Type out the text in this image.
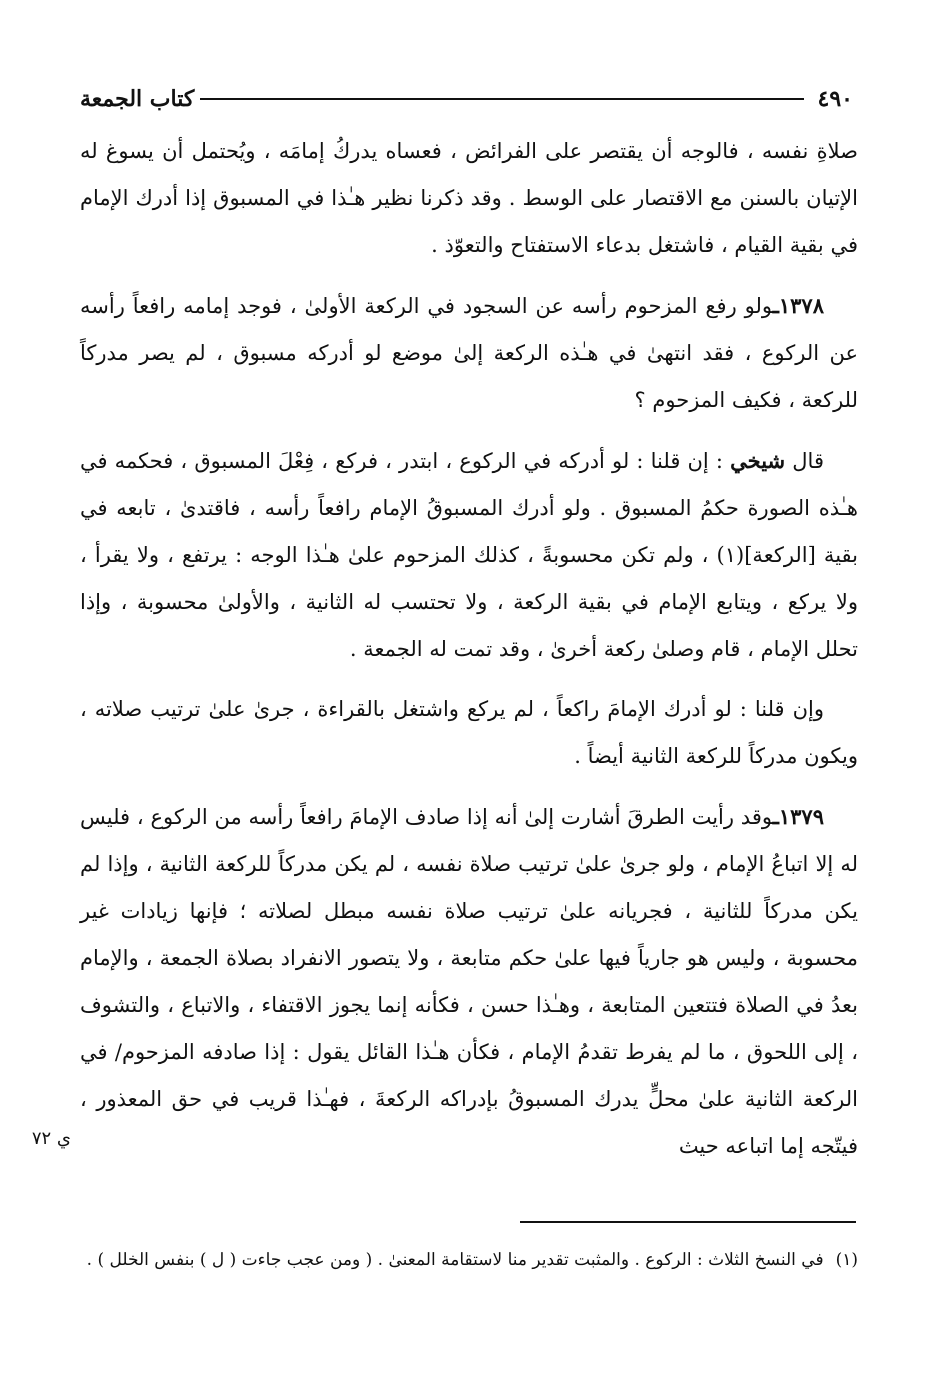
٤٩٠
كتاب الجمعة

صلاةِ نفسه ، فالوجه أن يقتصر على الفرائض ، فعساه يدركُ إمامَه ، ويُحتمل أن يسوغ له الإتيان بالسنن مع الاقتصار على الوسط . وقد ذكرنا نظير هـٰذا في المسبوق إذا أدرك الإمام في بقية القيام ، فاشتغل بدعاء الاستفتاح والتعوّذ .

١٣٧٨ـولو رفع المزحوم رأسه عن السجود في الركعة الأولىٰ ، فوجد إمامه رافعاً رأسه عن الركوع ، فقد انتهىٰ في هـٰذه الركعة إلىٰ موضع لو أدركه مسبوق ، لم يصر مدركاً للركعة ، فكيف المزحوم ؟

قال شيخي : إن قلنا : لو أدركه في الركوع ، ابتدر ، فركع ، فِعْلَ المسبوق ، فحكمه في هـٰذه الصورة حكمُ المسبوق . ولو أدرك المسبوقُ الإمام رافعاً رأسه ، فاقتدىٰ ، تابعه في بقية [الركعة](١) ، ولم تكن محسوبةً ، كذلك المزحوم علىٰ هـٰذا الوجه : يرتفع ، ولا يقرأ ، ولا يركع ، ويتابع الإمام في بقية الركعة ، ولا تحتسب له الثانية ، والأولىٰ محسوبة ، وإذا تحلل الإمام ، قام وصلىٰ ركعة أخرىٰ ، وقد تمت له الجمعة .

وإن قلنا : لو أدرك الإمامَ راكعاً ، لم يركع واشتغل بالقراءة ، جرىٰ علىٰ ترتيب صلاته ، ويكون مدركاً للركعة الثانية أيضاً .

١٣٧٩ـوقد رأيت الطرقَ أشارت إلىٰ أنه إذا صادف الإمامَ رافعاً رأسه من الركوع ، فليس له إلا اتباعُ الإمام ، ولو جرىٰ علىٰ ترتيب صلاة نفسه ، لم يكن مدركاً للركعة الثانية ، وإذا لم يكن مدركاً للثانية ، فجريانه علىٰ ترتيب صلاة نفسه مبطل لصلاته ؛ فإنها زيادات غير محسوبة ، وليس هو جارياً فيها علىٰ حكم متابعة ، ولا يتصور الانفراد بصلاة الجمعة ، والإمام بعدُ في الصلاة فتتعين المتابعة ، وهـٰذا حسن ، فكأنه إنما يجوز الاقتفاء ، والاتباع ، والتشوف ، إلى اللحوق ، ما لم يفرط تقدمُ الإمام ، فكأن هـٰذا القائل يقول : إذا صادفه المزحوم/ في الركعة الثانية علىٰ محلٍّ يدرك المسبوقُ بإدراكه الركعةَ ، فهـٰذا قريب في حق المعذور ، فيتّجه إما اتباعه حيث

ي ٧٢
(١)في النسخ الثلاث : الركوع . والمثبت تقدير منا لاستقامة المعنىٰ . ( ومن عجب جاءت ( ل ) بنفس الخلل ) .
